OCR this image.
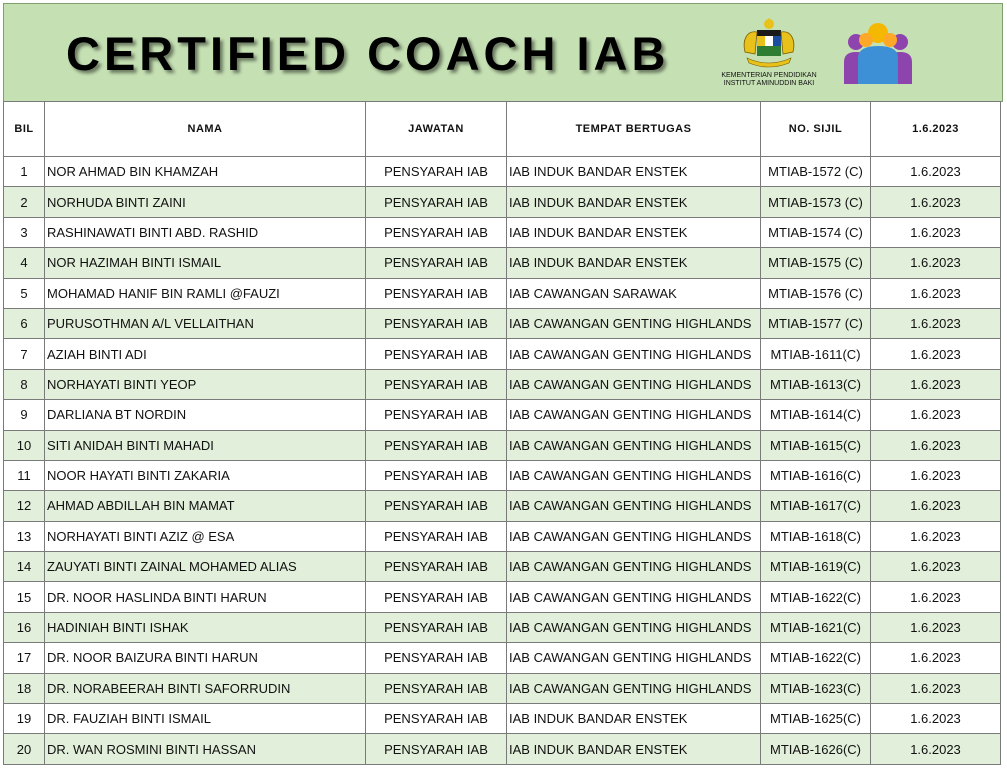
CERTIFIED COACH IAB	KEMENTERIAN PENDIDIKAN
INSTITUT AMINUDDIN BAKI
BIL	NAMA	JAWATAN	TEMPAT BERTUGAS	NO. SIJIL	1.6.2023
1	NOR AHMAD BIN KHAMZAH	PENSYARAH IAB	IAB INDUK BANDAR ENSTEK	MTIAB-1572 (C)	1.6.2023
2	NORHUDA BINTI ZAINI	PENSYARAH IAB	IAB INDUK BANDAR ENSTEK	MTIAB-1573 (C)	1.6.2023
3	RASHINAWATI BINTI ABD. RASHID	PENSYARAH IAB	IAB INDUK BANDAR ENSTEK	MTIAB-1574 (C)	1.6.2023
4	NOR HAZIMAH BINTI ISMAIL	PENSYARAH IAB	IAB INDUK BANDAR ENSTEK	MTIAB-1575 (C)	1.6.2023
5	MOHAMAD HANIF BIN RAMLI @FAUZI	PENSYARAH IAB	IAB CAWANGAN SARAWAK	MTIAB-1576 (C)	1.6.2023
6	PURUSOTHMAN A/L VELLAITHAN	PENSYARAH IAB	IAB CAWANGAN GENTING HIGHLANDS	MTIAB-1577 (C)	1.6.2023
7	AZIAH BINTI ADI	PENSYARAH IAB	IAB CAWANGAN GENTING HIGHLANDS	MTIAB-1611(C)	1.6.2023
8	NORHAYATI BINTI YEOP	PENSYARAH IAB	IAB CAWANGAN GENTING HIGHLANDS	MTIAB-1613(C)	1.6.2023
9	DARLIANA BT NORDIN	PENSYARAH IAB	IAB CAWANGAN GENTING HIGHLANDS	MTIAB-1614(C)	1.6.2023
10	SITI ANIDAH BINTI MAHADI	PENSYARAH IAB	IAB CAWANGAN GENTING HIGHLANDS	MTIAB-1615(C)	1.6.2023
11	NOOR HAYATI BINTI ZAKARIA	PENSYARAH IAB	IAB CAWANGAN GENTING HIGHLANDS	MTIAB-1616(C)	1.6.2023
12	AHMAD ABDILLAH BIN MAMAT	PENSYARAH IAB	IAB CAWANGAN GENTING HIGHLANDS	MTIAB-1617(C)	1.6.2023
13	NORHAYATI BINTI AZIZ @ ESA	PENSYARAH IAB	IAB CAWANGAN GENTING HIGHLANDS	MTIAB-1618(C)	1.6.2023
14	ZAUYATI BINTI ZAINAL MOHAMED ALIAS	PENSYARAH IAB	IAB CAWANGAN GENTING HIGHLANDS	MTIAB-1619(C)	1.6.2023
15	DR. NOOR HASLINDA BINTI HARUN	PENSYARAH IAB	IAB CAWANGAN GENTING HIGHLANDS	MTIAB-1622(C)	1.6.2023
16	HADINIAH BINTI ISHAK	PENSYARAH IAB	IAB CAWANGAN GENTING HIGHLANDS	MTIAB-1621(C)	1.6.2023
17	DR. NOOR BAIZURA BINTI HARUN	PENSYARAH IAB	IAB CAWANGAN GENTING HIGHLANDS	MTIAB-1622(C)	1.6.2023
18	DR. NORABEERAH BINTI SAFORRUDIN	PENSYARAH IAB	IAB CAWANGAN GENTING HIGHLANDS	MTIAB-1623(C)	1.6.2023
19	DR. FAUZIAH BINTI ISMAIL	PENSYARAH IAB	IAB INDUK BANDAR ENSTEK	MTIAB-1625(C)	1.6.2023
20	DR. WAN ROSMINI BINTI HASSAN	PENSYARAH IAB	IAB INDUK BANDAR ENSTEK	MTIAB-1626(C)	1.6.2023
